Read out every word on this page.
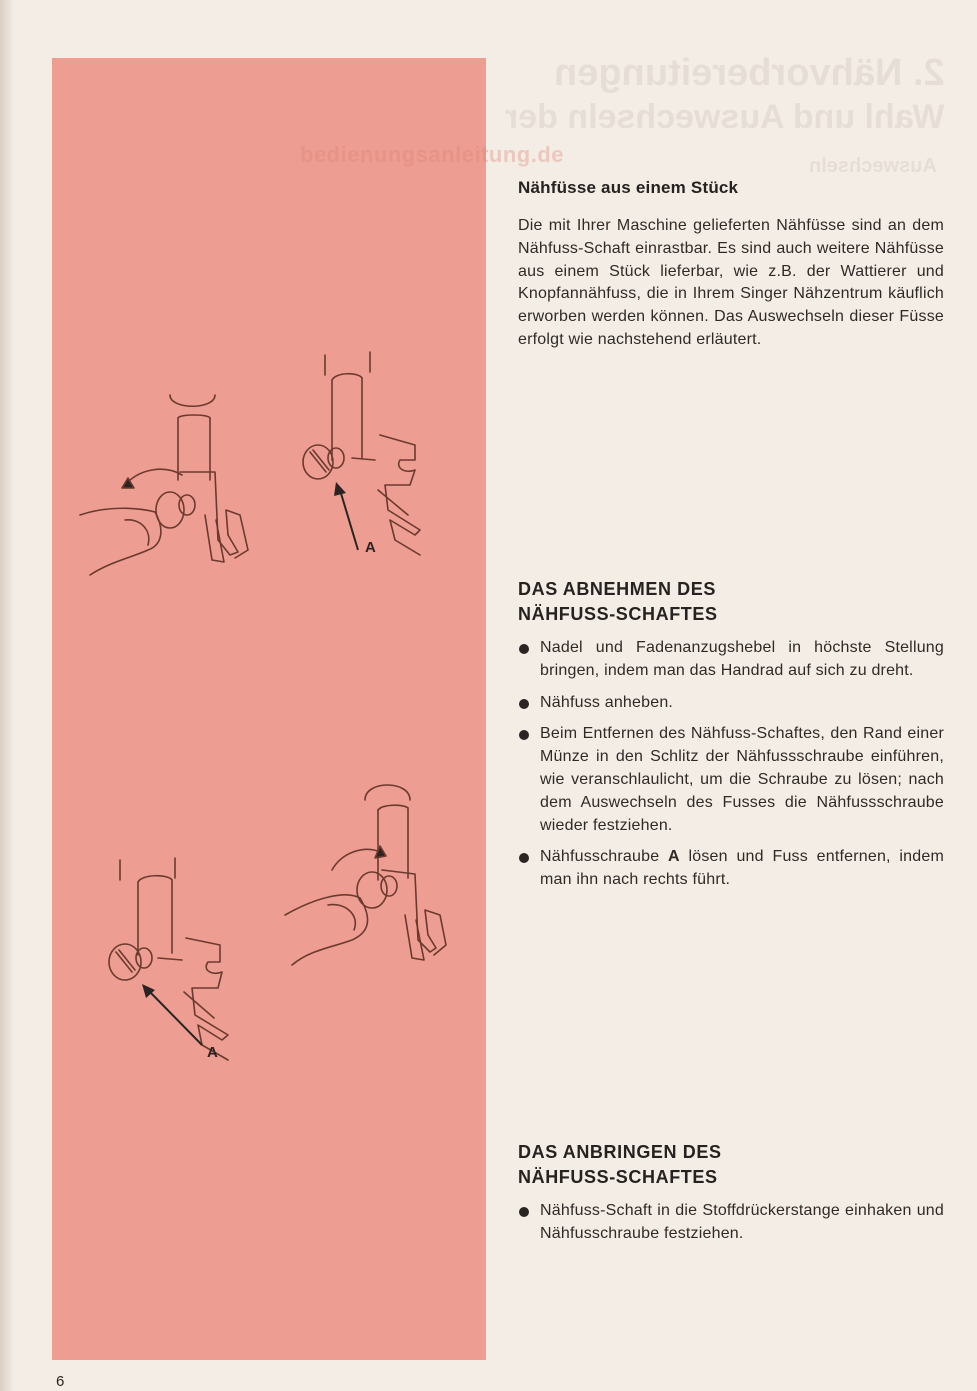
2. Nähvorbereitungen
Wahl und Auswechseln der
Auswechseln
bedienungsanleitung.de
A
A
Nähfüsse aus einem Stück

Die mit Ihrer Maschine gelieferten Nähfüsse sind an dem Nähfuss-Schaft einrastbar. Es sind auch weitere Nähfüsse aus einem Stück lieferbar, wie z.B. der Wattierer und Knopfannähfuss, die in Ihrem Singer Nähzentrum käuflich erworben werden können. Das Auswechseln dieser Füsse erfolgt wie nachstehend erläutert.

DAS ABNEHMEN DES
NÄHFUSS-SCHAFTES
Nadel und Fadenanzugshebel in höchste Stellung bringen, indem man das Handrad auf sich zu dreht.
Nähfuss anheben.
Beim Entfernen des Nähfuss-Schaftes, den Rand einer Münze in den Schlitz der Nähfussschraube einführen, wie veranschlaulicht, um die Schraube zu lösen; nach dem Auswechseln des Fusses die Nähfussschraube wieder festziehen.
Nähfusschraube A lösen und Fuss entfernen, indem man ihn nach rechts führt.
DAS ANBRINGEN DES
NÄHFUSS-SCHAFTES
Nähfuss-Schaft in die Stoffdrückerstange einhaken und Nähfusschraube festziehen.
6
